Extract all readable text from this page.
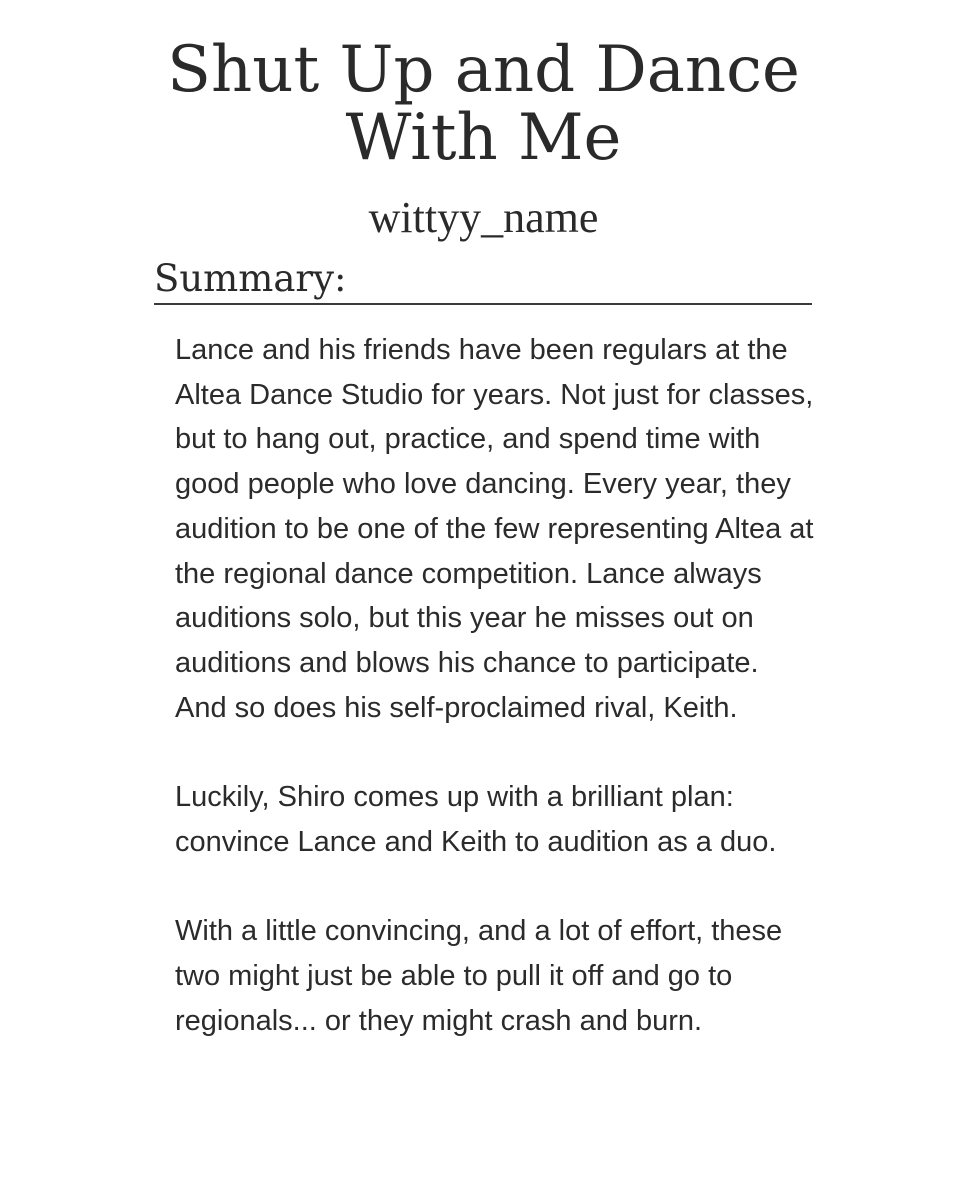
Shut Up and Dance
With Me
wittyy_name
Summary:

Lance and his friends have been regulars at the Altea Dance Studio for years. Not just for classes, but to hang out, practice, and spend time with good people who love dancing. Every year, they audition to be one of the few representing Altea at the regional dance competition. Lance always auditions solo, but this year he misses out on auditions and blows his chance to participate. And so does his self-proclaimed rival, Keith.

Luckily, Shiro comes up with a brilliant plan: convince Lance and Keith to audition as a duo.

With a little convincing, and a lot of effort, these two might just be able to pull it off and go to regionals... or they might crash and burn.
